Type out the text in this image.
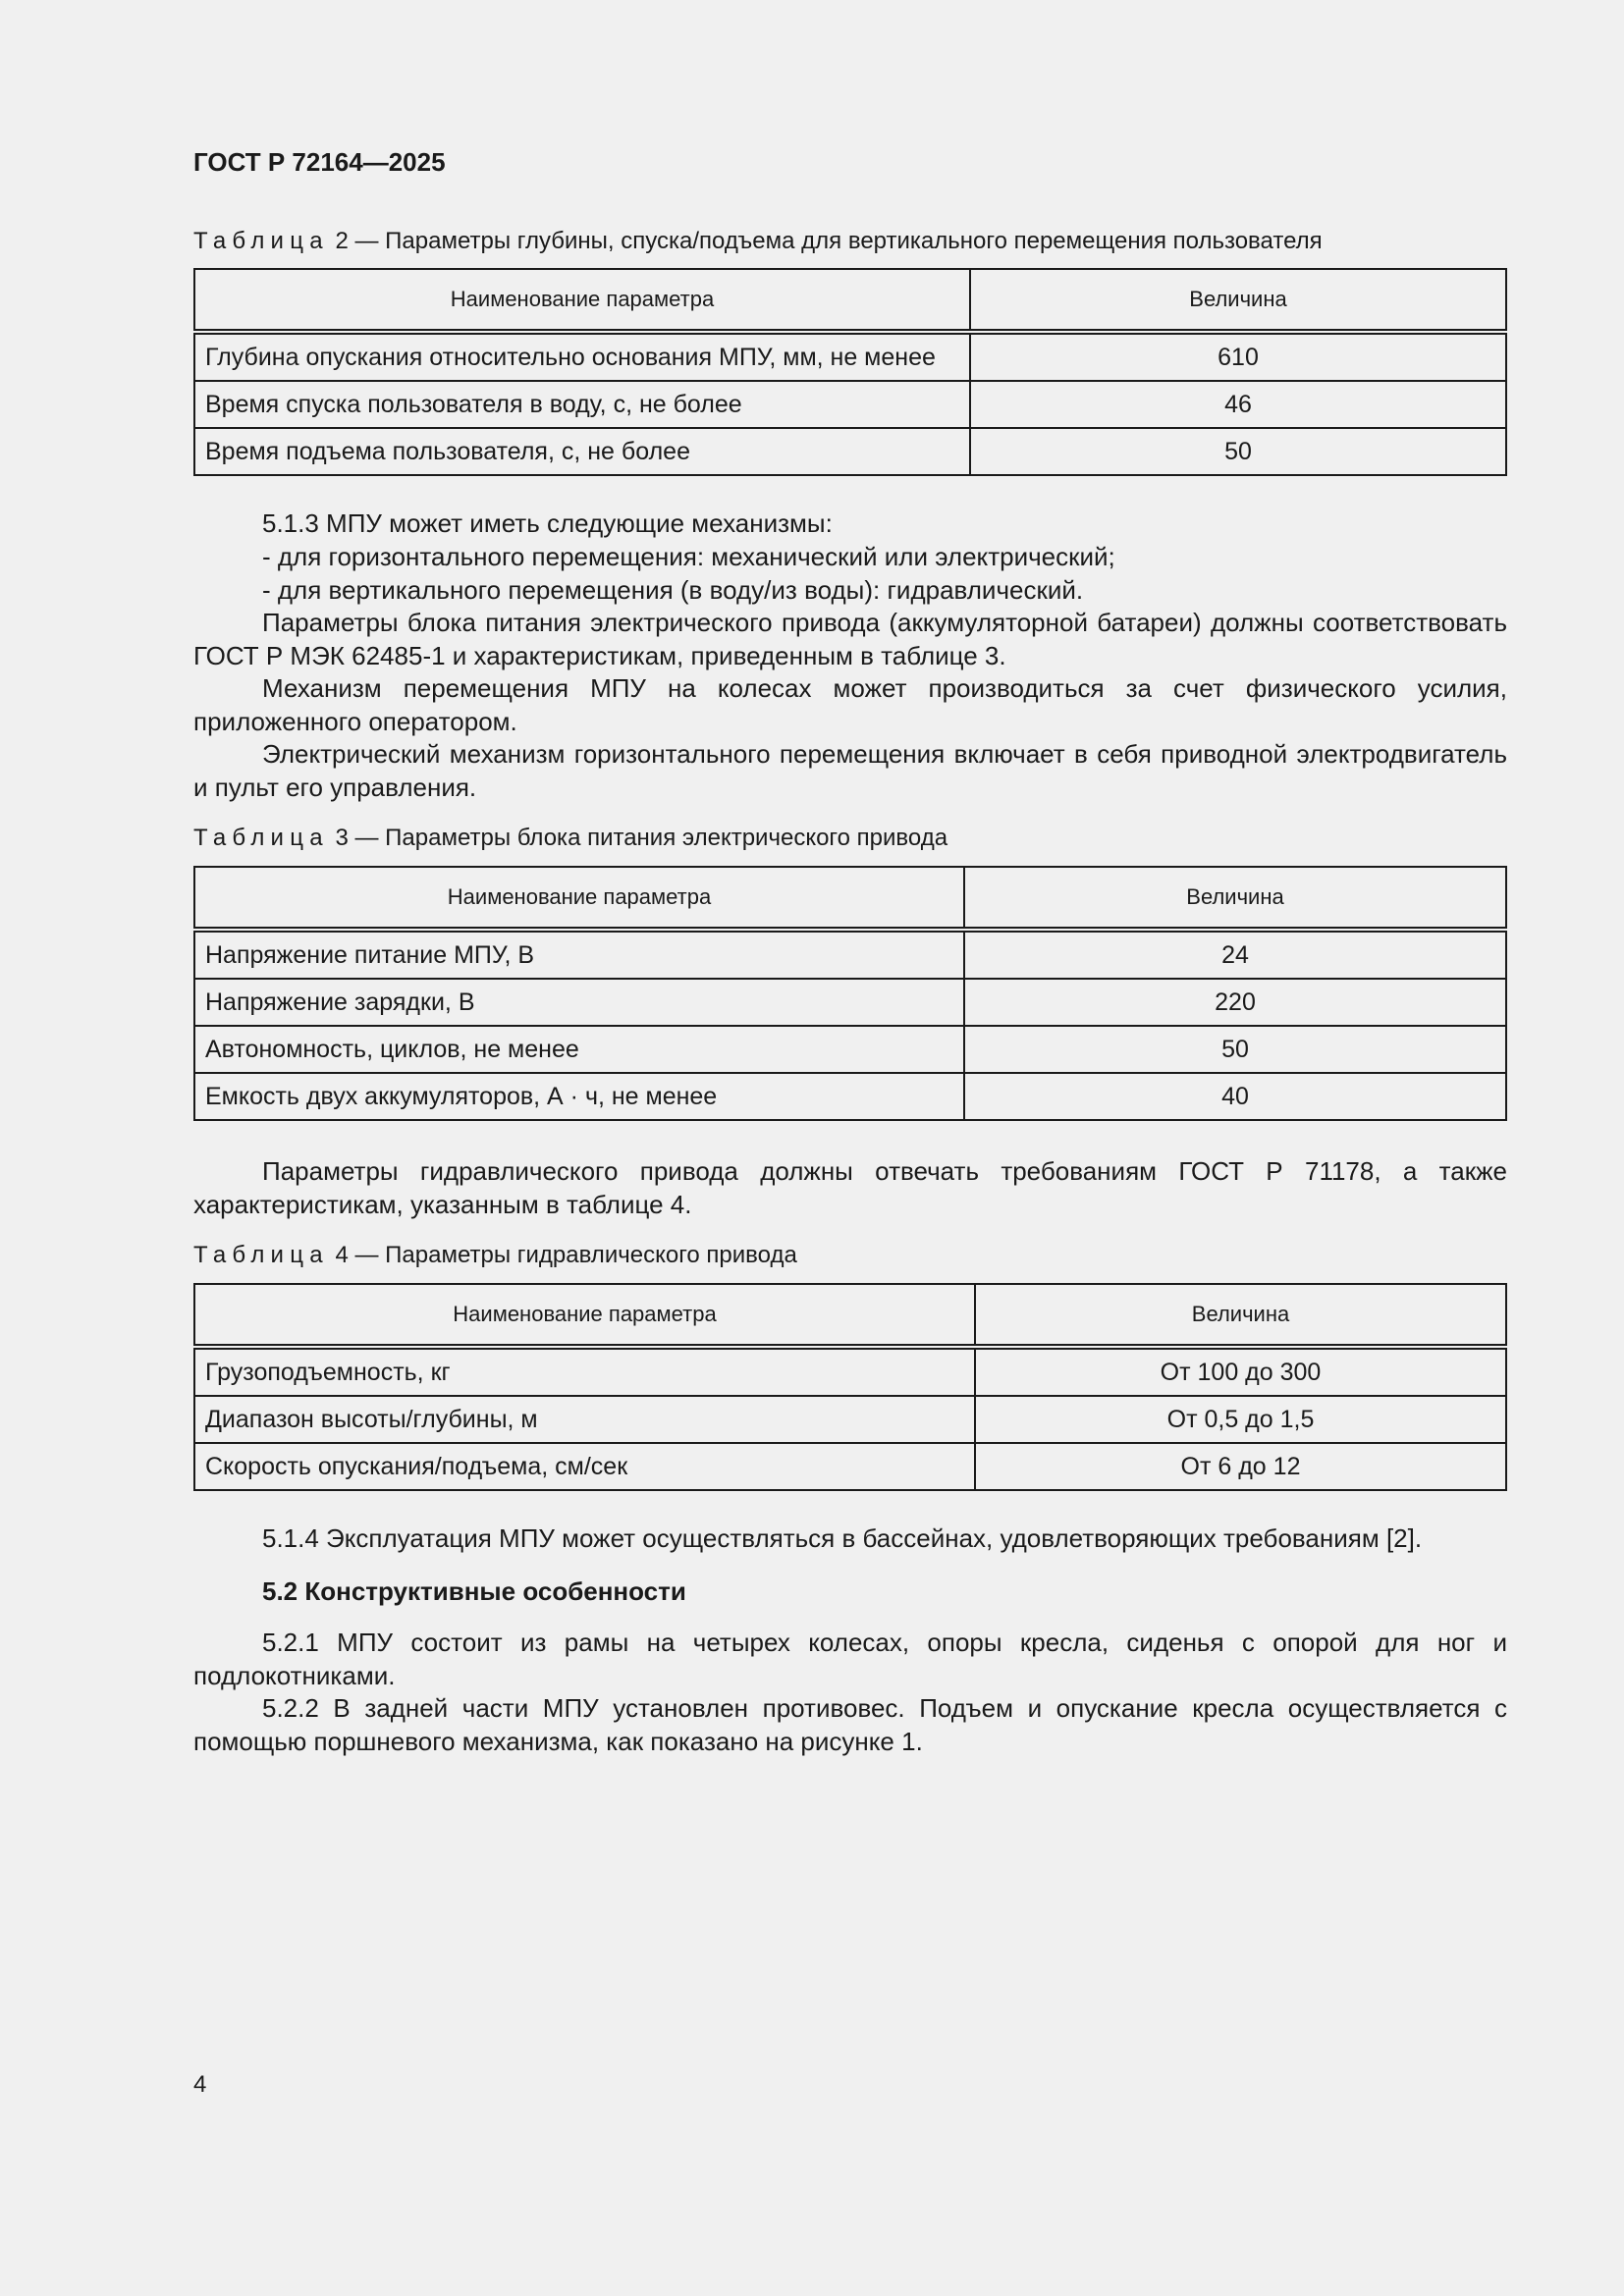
ГОСТ Р 72164—2025
Таблица 2 — Параметры глубины, спуска/подъема для вертикального перемещения пользователя
Наименование параметра	Величина
Глубина опускания относительно основания МПУ, мм, не менее	610
Время спуска пользователя в воду, с, не более	46
Время подъема пользователя, с, не более	50

5.1.3 МПУ может иметь следующие механизмы:

- для горизонтального перемещения: механический или электрический;

- для вертикального перемещения (в воду/из воды): гидравлический.

Параметры блока питания электрического привода (аккумуляторной батареи) должны соответствовать ГОСТ Р МЭК 62485-1 и характеристикам, приведенным в таблице 3.

Механизм перемещения МПУ на колесах может производиться за счет физического усилия, приложенного оператором.

Электрический механизм горизонтального перемещения включает в себя приводной электродвигатель и пульт его управления.

Таблица 3 — Параметры блока питания электрического привода
Наименование параметра	Величина
Напряжение питание МПУ, В	24
Напряжение зарядки, В	220
Автономность, циклов, не менее	50
Емкость двух аккумуляторов, А · ч, не менее	40

Параметры гидравлического привода должны отвечать требованиям ГОСТ Р 71178, а также характеристикам, указанным в таблице 4.

Таблица 4 — Параметры гидравлического привода
Наименование параметра	Величина
Грузоподъемность, кг	От 100 до 300
Диапазон высоты/глубины, м	От 0,5 до 1,5
Скорость опускания/подъема, см/сек	От 6 до 12

5.1.4 Эксплуатация МПУ может осуществляться в бассейнах, удовлетворяющих требованиям [2].

5.2 Конструктивные особенности

5.2.1 МПУ состоит из рамы на четырех колесах, опоры кресла, сиденья с опорой для ног и подлокотниками.

5.2.2 В задней части МПУ установлен противовес. Подъем и опускание кресла осуществляется с помощью поршневого механизма, как показано на рисунке 1.

4
